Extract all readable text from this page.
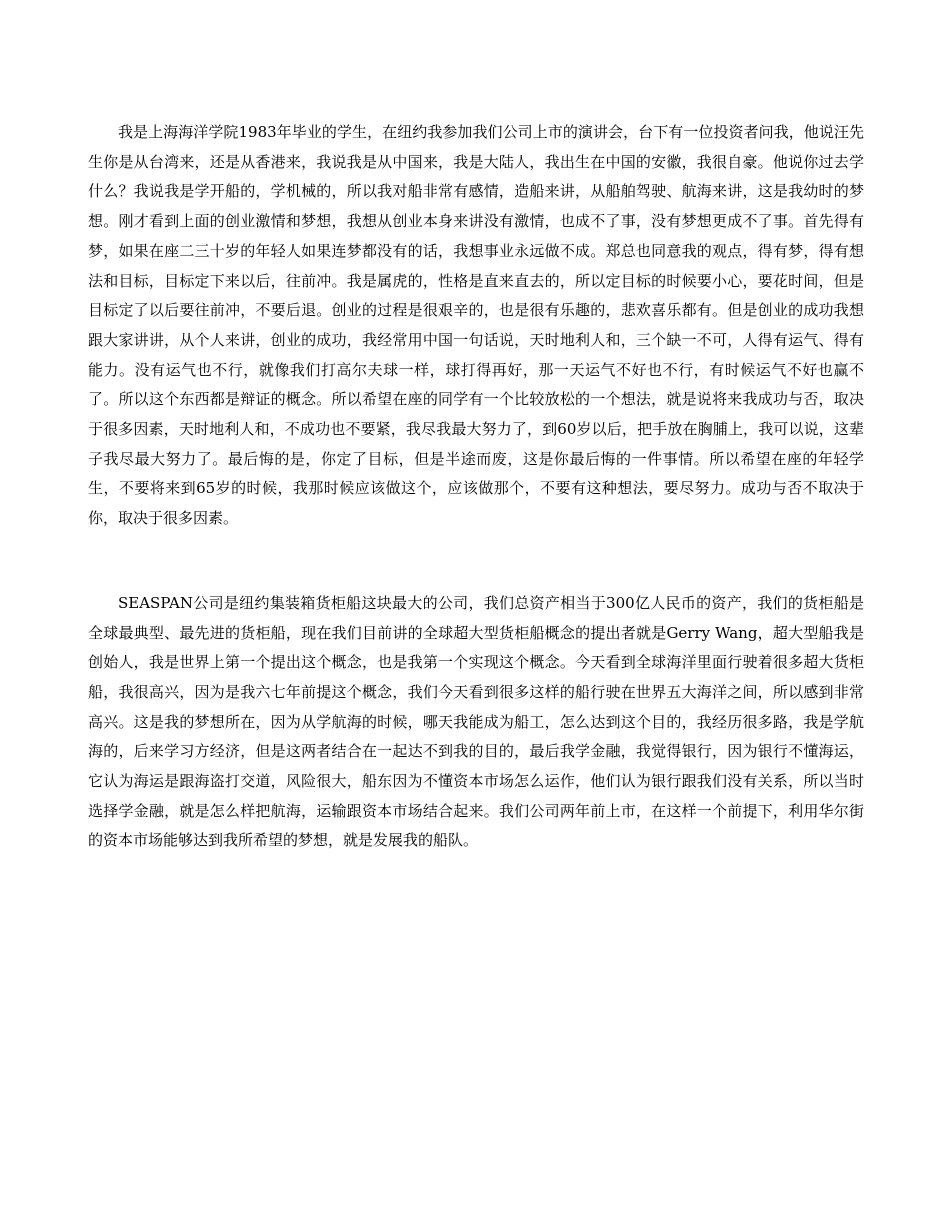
我是上海海洋学院1983年毕业的学生，在纽约我参加我们公司上市的演讲会，台下有一位投资者问我，他说汪先生你是从台湾来，还是从香港来，我说我是从中国来，我是大陆人，我出生在中国的安徽，我很自豪。他说你过去学什么？我说我是学开船的，学机械的，所以我对船非常有感情，造船来讲，从船舶驾驶、航海来讲，这是我幼时的梦想。刚才看到上面的创业激情和梦想，我想从创业本身来讲没有激情，也成不了事，没有梦想更成不了事。首先得有梦，如果在座二三十岁的年轻人如果连梦都没有的话，我想事业永远做不成。郑总也同意我的观点，得有梦，得有想法和目标，目标定下来以后，往前冲。我是属虎的，性格是直来直去的，所以定目标的时候要小心，要花时间，但是目标定了以后要往前冲，不要后退。创业的过程是很艰辛的，也是很有乐趣的，悲欢喜乐都有。但是创业的成功我想跟大家讲讲，从个人来讲，创业的成功，我经常用中国一句话说，天时地利人和，三个缺一不可，人得有运气、得有能力。没有运气也不行，就像我们打高尔夫球一样，球打得再好，那一天运气不好也不行，有时候运气不好也赢不了。所以这个东西都是辩证的概念。所以希望在座的同学有一个比较放松的一个想法，就是说将来我成功与否，取决于很多因素，天时地利人和，不成功也不要紧，我尽我最大努力了，到60岁以后，把手放在胸脯上，我可以说，这辈子我尽最大努力了。最后悔的是，你定了目标，但是半途而废，这是你最后悔的一件事情。所以希望在座的年轻学生，不要将来到65岁的时候，我那时候应该做这个，应该做那个，不要有这种想法，要尽努力。成功与否不取决于你，取决于很多因素。

SEASPAN公司是纽约集装箱货柜船这块最大的公司，我们总资产相当于300亿人民币的资产，我们的货柜船是全球最典型、最先进的货柜船，现在我们目前讲的全球超大型货柜船概念的提出者就是Gerry Wang，超大型船我是创始人，我是世界上第一个提出这个概念，也是我第一个实现这个概念。今天看到全球海洋里面行驶着很多超大货柜船，我很高兴，因为是我六七年前提这个概念，我们今天看到很多这样的船行驶在世界五大海洋之间，所以感到非常高兴。这是我的梦想所在，因为从学航海的时候，哪天我能成为船工，怎么达到这个目的，我经历很多路，我是学航海的，后来学习方经济，但是这两者结合在一起达不到我的目的，最后我学金融，我觉得银行，因为银行不懂海运，它认为海运是跟海盗打交道，风险很大，船东因为不懂资本市场怎么运作，他们认为银行跟我们没有关系，所以当时选择学金融，就是怎么样把航海，运输跟资本市场结合起来。我们公司两年前上市，在这样一个前提下，利用华尔街的资本市场能够达到我所希望的梦想，就是发展我的船队。
